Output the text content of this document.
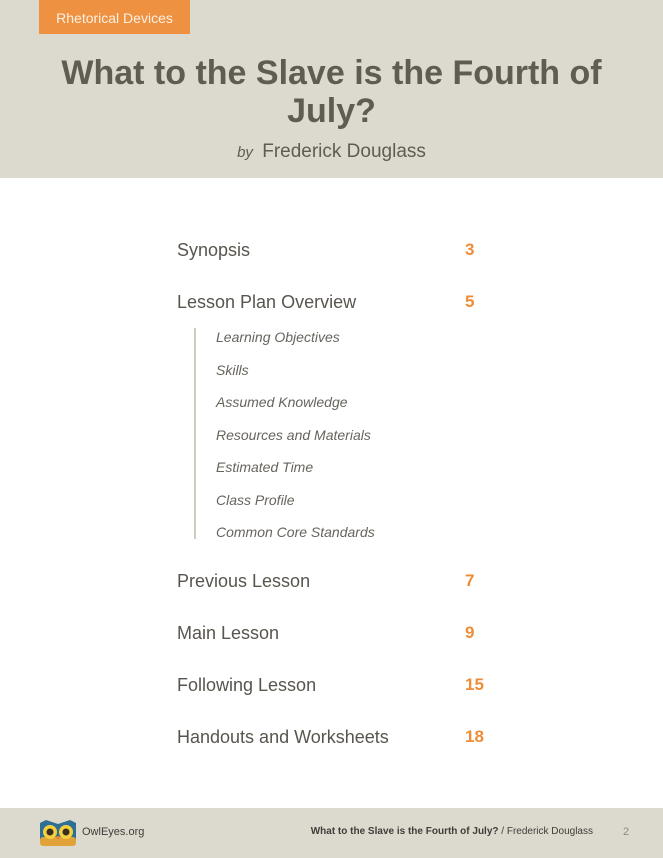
Rhetorical Devices
What to the Slave is the Fourth of July?
by Frederick Douglass
Synopsis	3
Lesson Plan Overview	5
Learning Objectives
Skills
Assumed Knowledge
Resources and Materials
Estimated Time
Class Profile
Common Core Standards
Previous Lesson	7
Main Lesson	9
Following Lesson	15
Handouts and Worksheets	18
OwlEyes.org	What to the Slave is the Fourth of July? / Frederick Douglass	2
